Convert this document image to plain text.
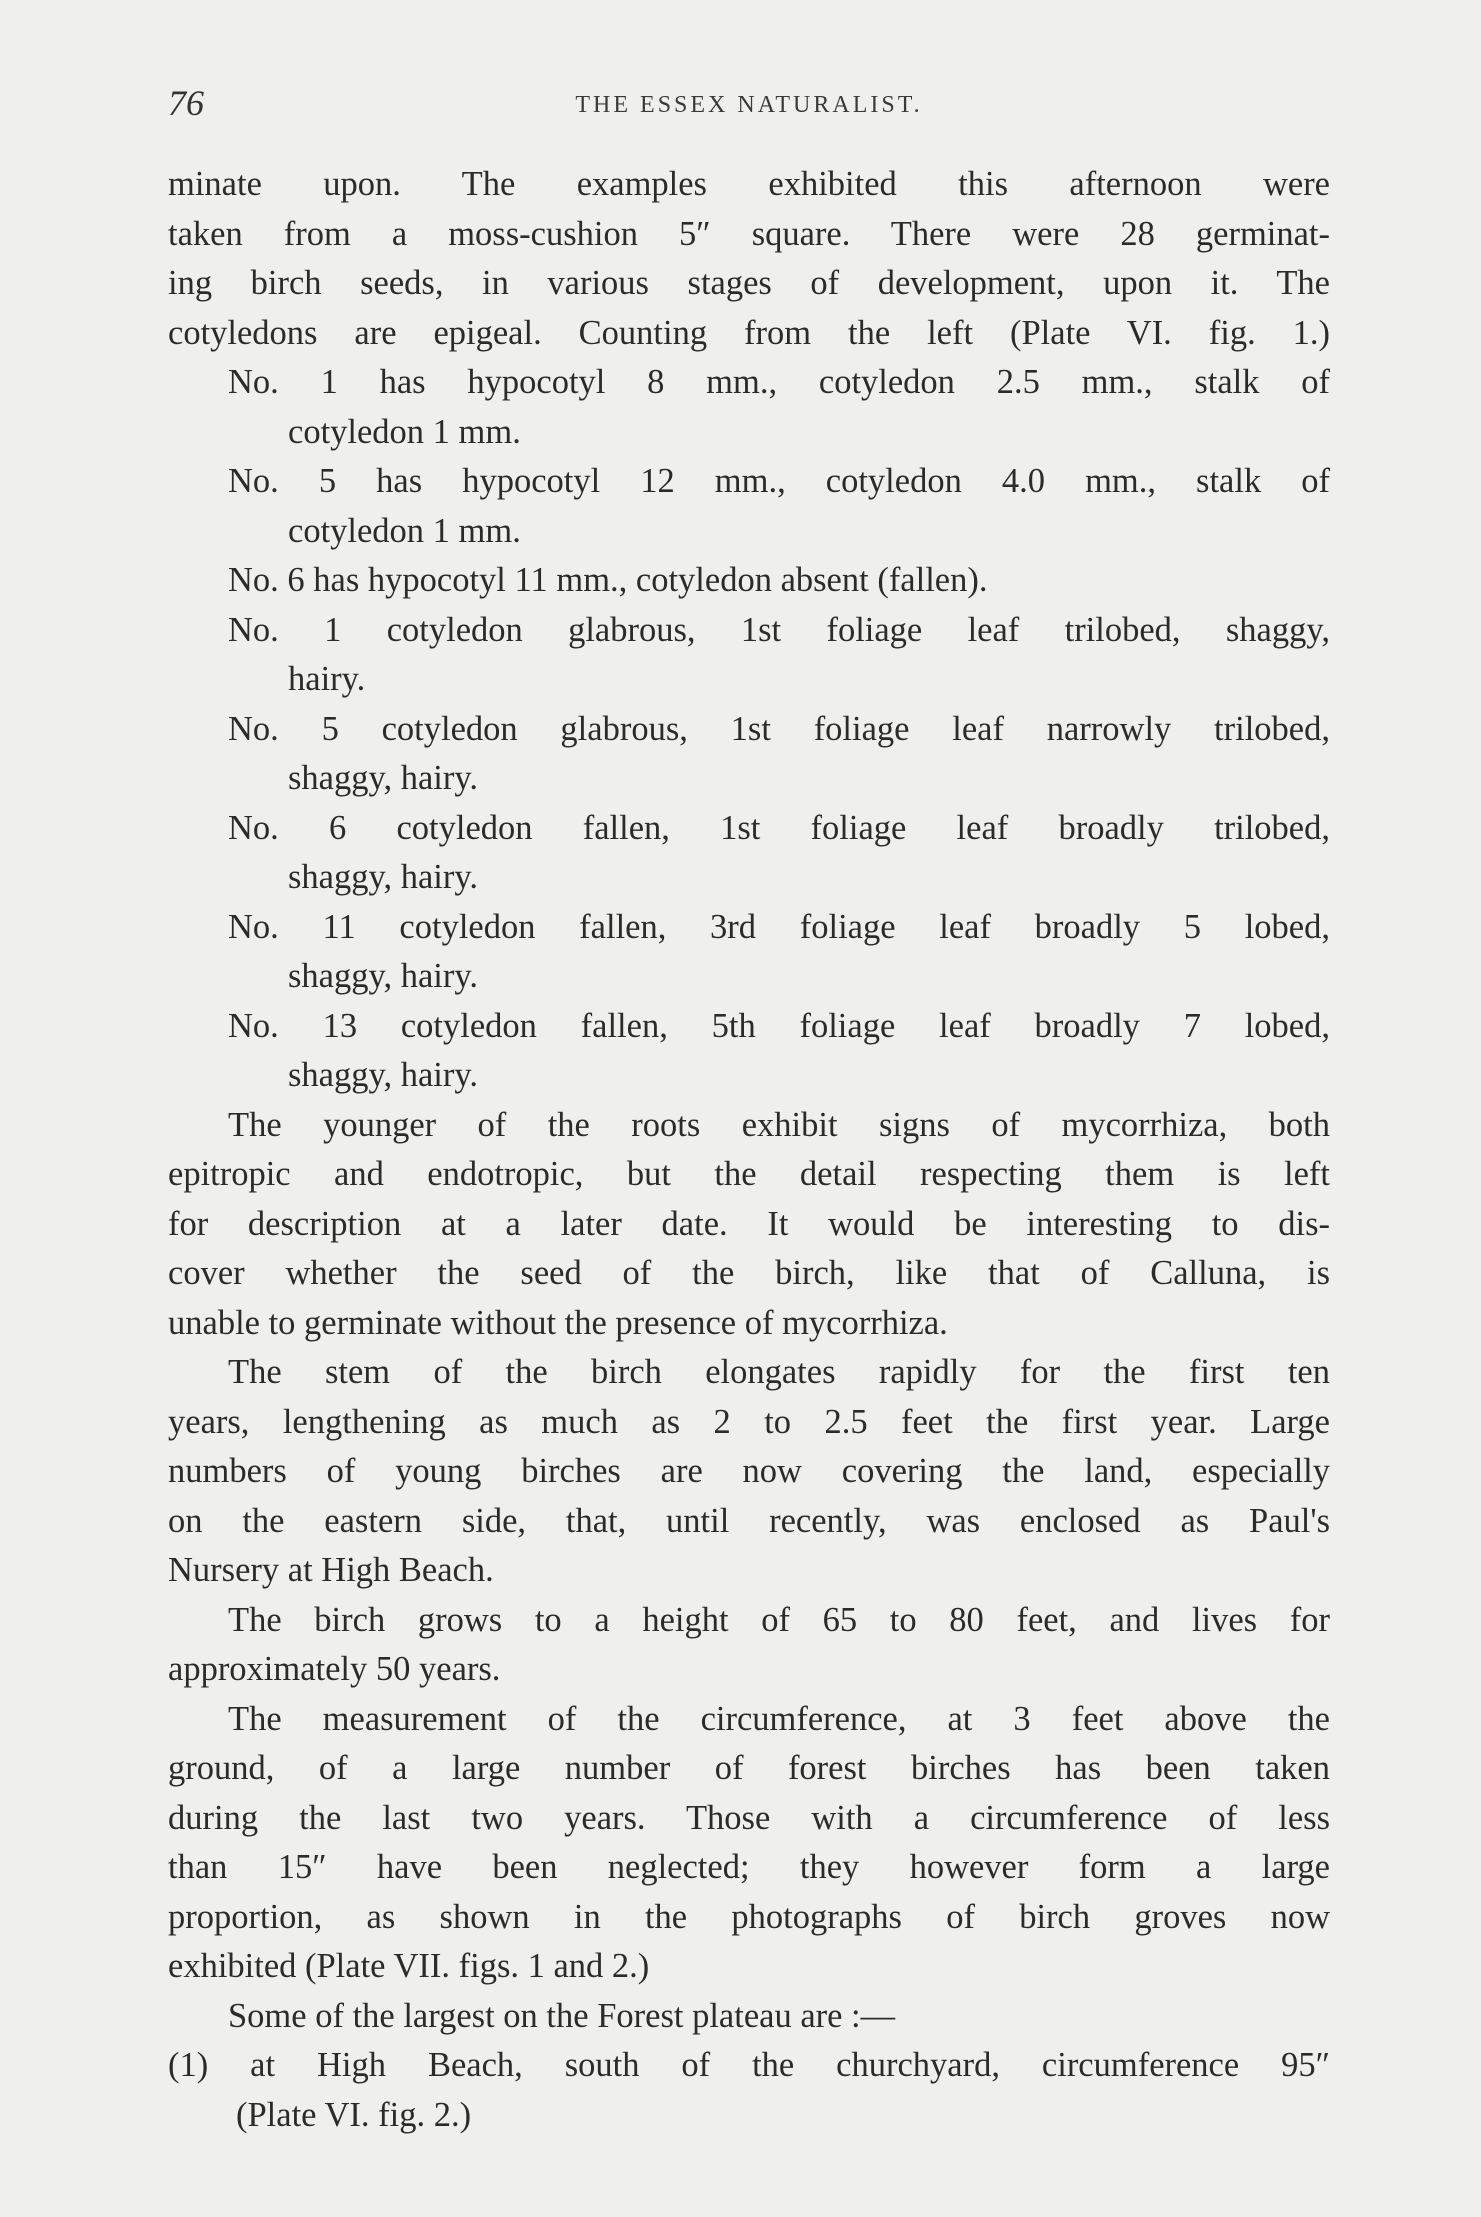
76	THE ESSEX NATURALIST.
minate upon. The examples exhibited this afternoon were
taken from a moss-cushion 5″ square. There were 28 germinat-
ing birch seeds, in various stages of development, upon it. The
cotyledons are epigeal. Counting from the left (Plate VI. fig. 1.)
No. 1 has hypocotyl 8 mm., cotyledon 2.5 mm., stalk of
cotyledon 1 mm.
No. 5 has hypocotyl 12 mm., cotyledon 4.0 mm., stalk of
cotyledon 1 mm.
No. 6 has hypocotyl 11 mm., cotyledon absent (fallen).
No. 1 cotyledon glabrous, 1st foliage leaf trilobed, shaggy,
hairy.
No. 5 cotyledon glabrous, 1st foliage leaf narrowly trilobed,
shaggy, hairy.
No. 6 cotyledon fallen, 1st foliage leaf broadly trilobed,
shaggy, hairy.
No. 11 cotyledon fallen, 3rd foliage leaf broadly 5 lobed,
shaggy, hairy.
No. 13 cotyledon fallen, 5th foliage leaf broadly 7 lobed,
shaggy, hairy.
The younger of the roots exhibit signs of mycorrhiza, both
epitropic and endotropic, but the detail respecting them is left
for description at a later date. It would be interesting to dis-
cover whether the seed of the birch, like that of Calluna, is
unable to germinate without the presence of mycorrhiza.
The stem of the birch elongates rapidly for the first ten
years, lengthening as much as 2 to 2.5 feet the first year. Large
numbers of young birches are now covering the land, especially
on the eastern side, that, until recently, was enclosed as Paul's
Nursery at High Beach.
The birch grows to a height of 65 to 80 feet, and lives for
approximately 50 years.
The measurement of the circumference, at 3 feet above the
ground, of a large number of forest birches has been taken
during the last two years. Those with a circumference of less
than 15″ have been neglected; they however form a large
proportion, as shown in the photographs of birch groves now
exhibited (Plate VII. figs. 1 and 2.)
Some of the largest on the Forest plateau are :—
(1) at High Beach, south of the churchyard, circumference 95″
(Plate VI. fig. 2.)
